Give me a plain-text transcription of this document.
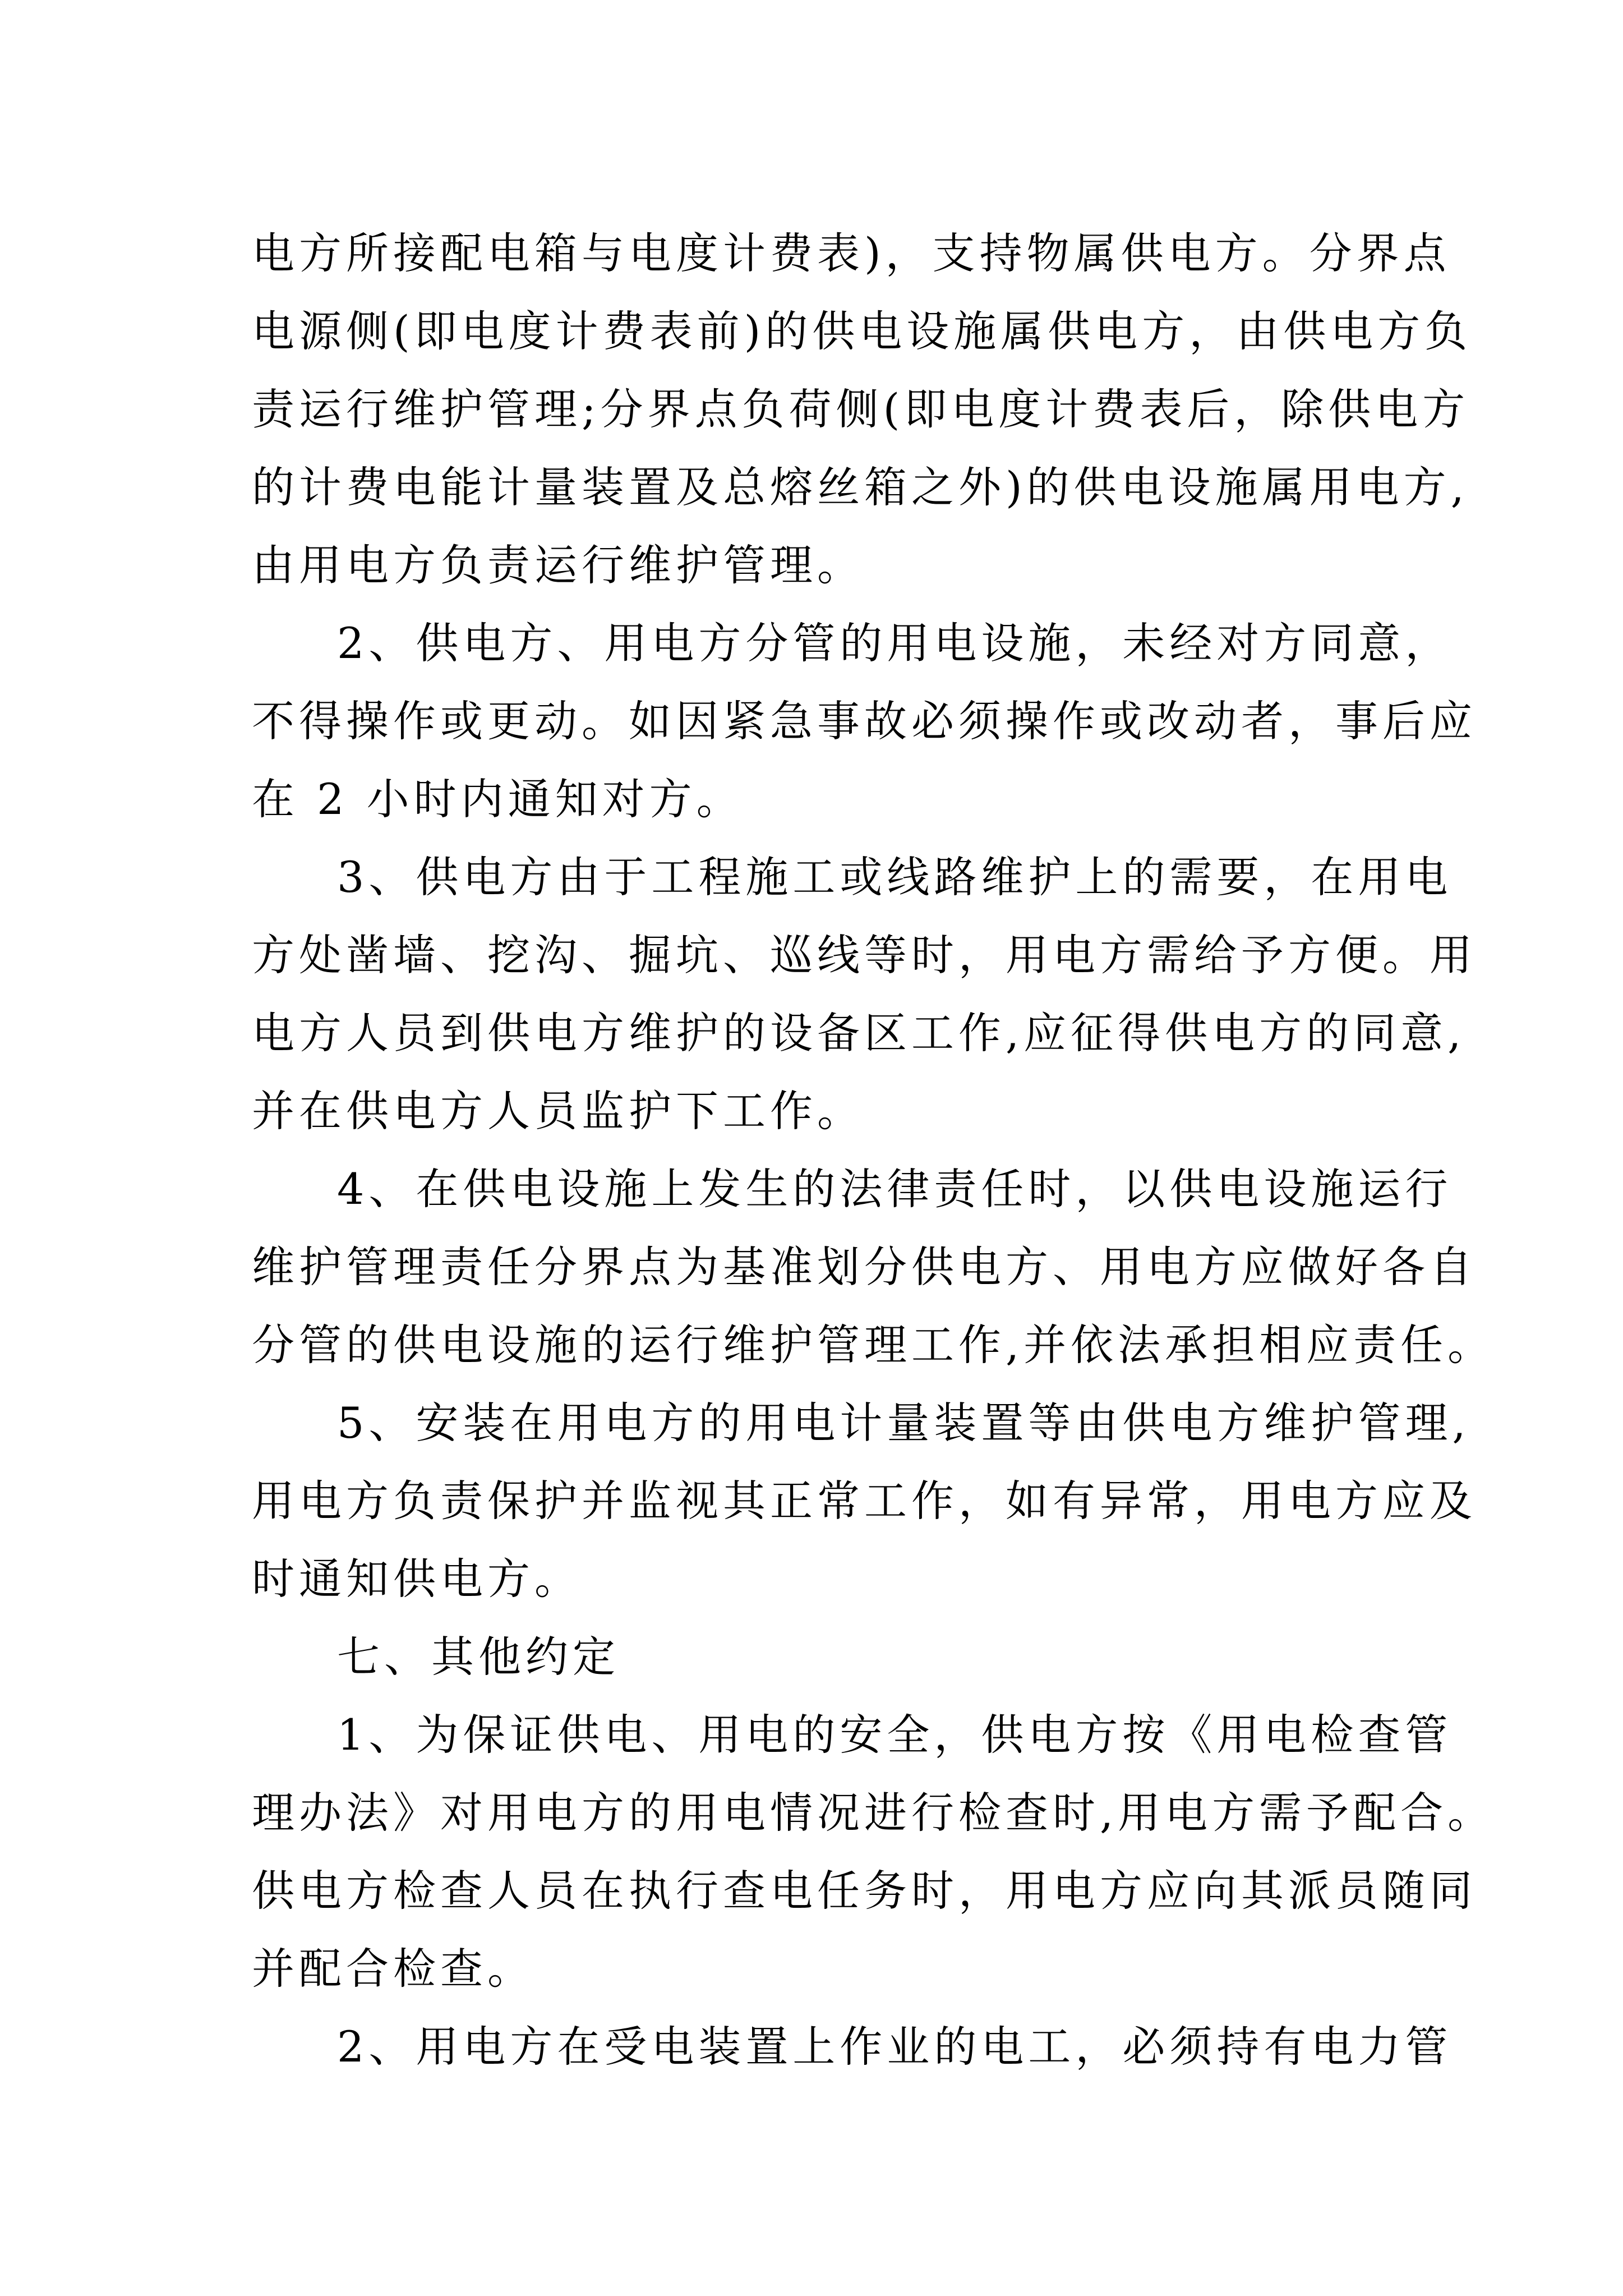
电方所接配电箱与电度计费表)，支持物属供电方。分界点
电源侧(即电度计费表前)的供电设施属供电方，由供电方负
责运行维护管理;分界点负荷侧(即电度计费表后，除供电方
的计费电能计量装置及总熔丝箱之外)的供电设施属用电方,
由用电方负责运行维护管理。
2、供电方、用电方分管的用电设施，未经对方同意，
不得操作或更动。如因紧急事故必须操作或改动者，事后应
在 2 小时内通知对方。
3、供电方由于工程施工或线路维护上的需要，在用电
方处凿墙、挖沟、掘坑、巡线等时，用电方需给予方便。用
电方人员到供电方维护的设备区工作,应征得供电方的同意,
并在供电方人员监护下工作。
4、在供电设施上发生的法律责任时，以供电设施运行
维护管理责任分界点为基准划分供电方、用电方应做好各自
分管的供电设施的运行维护管理工作,并依法承担相应责任。
5、安装在用电方的用电计量装置等由供电方维护管理,
用电方负责保护并监视其正常工作，如有异常，用电方应及
时通知供电方。
七、其他约定
1、为保证供电、用电的安全，供电方按《用电检查管
理办法》对用电方的用电情况进行检查时,用电方需予配合。
供电方检查人员在执行查电任务时，用电方应向其派员随同
并配合检查。
2、用电方在受电装置上作业的电工，必须持有电力管
